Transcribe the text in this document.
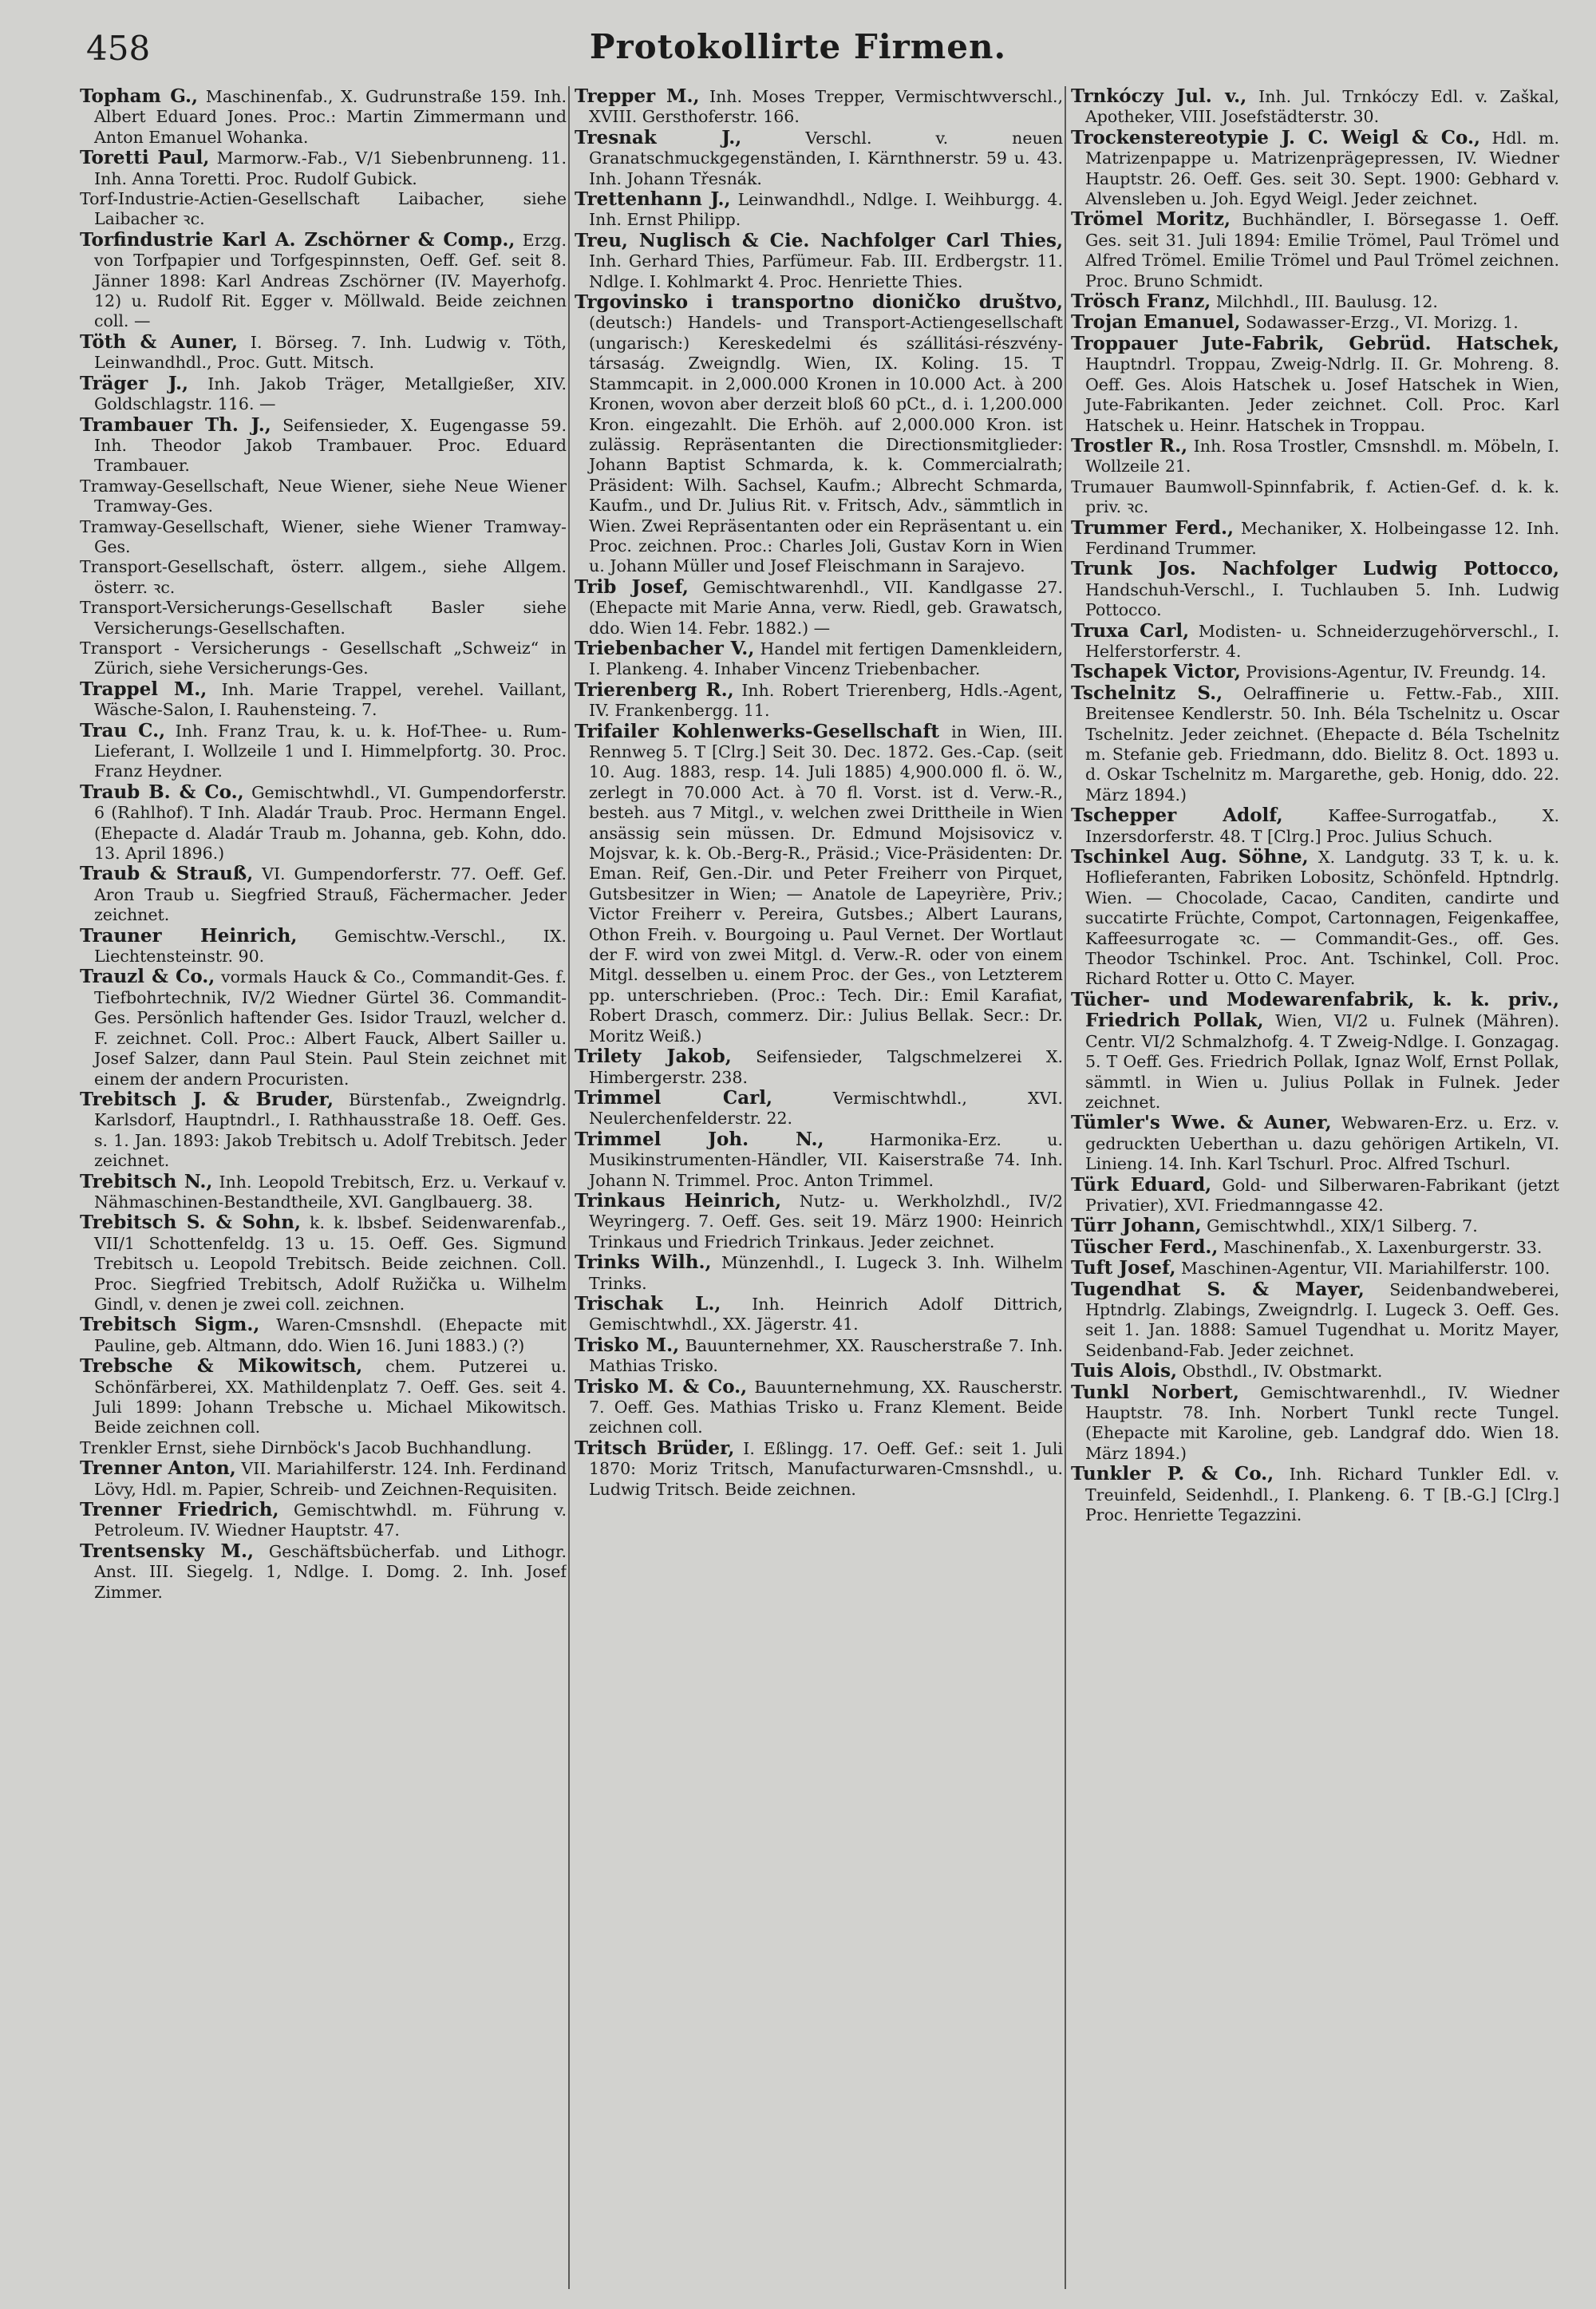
458	Protokollirte Firmen.

Topham G., Maschinenfab., X. Gudrunstraße 159. Inh. Albert Eduard Jones. Proc.: Martin Zimmermann und Anton Emanuel Wohanka.

Toretti Paul, Marmorw.-Fab., V/1 Siebenbrunneng. 11. Inh. Anna Toretti. Proc. Rudolf Gubick.

Torf-Industrie-Actien-Gesellschaft Laibacher, siehe Laibacher ꝛc.

Torfindustrie Karl A. Zschörner & Comp., Erzg. von Torfpapier und Torfgespinnsten, Oeff. Gef. seit 8. Jänner 1898: Karl Andreas Zschörner (IV. Mayerhofg. 12) u. Rudolf Rit. Egger v. Möllwald. Beide zeichnen coll. —

Töth & Auner, I. Börseg. 7. Inh. Ludwig v. Töth, Leinwandhdl., Proc. Gutt. Mitsch.

Träger J., Inh. Jakob Träger, Metallgießer, XIV. Goldschlagstr. 116. —

Trambauer Th. J., Seifensieder, X. Eugengasse 59. Inh. Theodor Jakob Trambauer. Proc. Eduard Trambauer.

Tramway-Gesellschaft, Neue Wiener, siehe Neue Wiener Tramway-Ges.

Tramway-Gesellschaft, Wiener, siehe Wiener Tramway-Ges.

Transport-Gesellschaft, österr. allgem., siehe Allgem. österr. ꝛc.

Transport-Versicherungs-Gesellschaft Basler siehe Versicherungs-Gesellschaften.

Transport - Versicherungs - Gesellschaft „Schweiz“ in Zürich, siehe Versicherungs-Ges.

Trappel M., Inh. Marie Trappel, verehel. Vaillant, Wäsche-Salon, I. Rauhensteing. 7.

Trau C., Inh. Franz Trau, k. u. k. Hof-Thee- u. Rum-Lieferant, I. Wollzeile 1 und I. Himmelpfortg. 30. Proc. Franz Heydner.

Traub B. & Co., Gemischtwhdl., VI. Gumpendorferstr. 6 (Rahlhof). T Inh. Aladár Traub. Proc. Hermann Engel. (Ehepacte d. Aladár Traub m. Johanna, geb. Kohn, ddo. 13. April 1896.)

Traub & Strauß, VI. Gumpendorferstr. 77. Oeff. Gef. Aron Traub u. Siegfried Strauß, Fächermacher. Jeder zeichnet.

Trauner Heinrich, Gemischtw.-Verschl., IX. Liechtensteinstr. 90.

Trauzl & Co., vormals Hauck & Co., Commandit-Ges. f. Tiefbohrtechnik, IV/2 Wiedner Gürtel 36. Commandit-Ges. Persönlich haftender Ges. Isidor Trauzl, welcher d. F. zeichnet. Coll. Proc.: Albert Fauck, Albert Sailler u. Josef Salzer, dann Paul Stein. Paul Stein zeichnet mit einem der andern Procuristen.

Trebitsch J. & Bruder, Bürstenfab., Zweigndrlg. Karlsdorf, Hauptndrl., I. Rathhausstraße 18. Oeff. Ges. s. 1. Jan. 1893: Jakob Trebitsch u. Adolf Trebitsch. Jeder zeichnet.

Trebitsch N., Inh. Leopold Trebitsch, Erz. u. Verkauf v. Nähmaschinen-Bestandtheile, XVI. Ganglbauerg. 38.

Trebitsch S. & Sohn, k. k. lbsbef. Seidenwarenfab., VII/1 Schottenfeldg. 13 u. 15. Oeff. Ges. Sigmund Trebitsch u. Leopold Trebitsch. Beide zeichnen. Coll. Proc. Siegfried Trebitsch, Adolf Ružička u. Wilhelm Gindl, v. denen je zwei coll. zeichnen.

Trebitsch Sigm., Waren-Cmsnshdl. (Ehepacte mit Pauline, geb. Altmann, ddo. Wien 16. Juni 1883.) (?)

Trebsche & Mikowitsch, chem. Putzerei u. Schönfärberei, XX. Mathildenplatz 7. Oeff. Ges. seit 4. Juli 1899: Johann Trebsche u. Michael Mikowitsch. Beide zeichnen coll.

Trenkler Ernst, siehe Dirnböck's Jacob Buchhandlung.

Trenner Anton, VII. Mariahilferstr. 124. Inh. Ferdinand Lövy, Hdl. m. Papier, Schreib- und Zeichnen-Requisiten.

Trenner Friedrich, Gemischtwhdl. m. Führung v. Petroleum. IV. Wiedner Hauptstr. 47.

Trentsensky M., Geschäftsbücherfab. und Lithogr. Anst. III. Siegelg. 1, Ndlge. I. Domg. 2. Inh. Josef Zimmer.

Trepper M., Inh. Moses Trepper, Vermischtwverschl., XVIII. Gersthoferstr. 166.

Tresnak J.,	Verschl. v. neuen Granatschmuckgegenständen, I. Kärnthnerstr. 59 u. 43. Inh. Johann Třesnák.

Trettenhann J., Leinwandhdl., Ndlge. I. Weihburgg. 4. Inh. Ernst Philipp.

Treu, Nuglisch & Cie. Nachfolger Carl Thies, Inh. Gerhard Thies, Parfümeur. Fab. III. Erdbergstr. 11. Ndlge. I. Kohlmarkt 4. Proc. Henriette Thies.

Trgovinsko i transportno dioničko društvo, (deutsch:) Handels- und Transport-Actiengesellschaft (ungarisch:) Kereskedelmi és szállitási-részvény-társaság. Zweigndlg. Wien, IX. Koling. 15. T Stammcapit. in 2,000.000 Kronen in 10.000 Act. à 200 Kronen, wovon aber derzeit bloß 60 pCt., d. i. 1,200.000 Kron. eingezahlt. Die Erhöh. auf 2,000.000 Kron. ist zulässig. Repräsentanten die Directionsmitglieder: Johann Baptist Schmarda, k. k. Commercialrath; Präsident: Wilh. Sachsel, Kaufm.; Albrecht Schmarda, Kaufm., und Dr. Julius Rit. v. Fritsch, Adv., sämmtlich in Wien. Zwei Repräsentanten oder ein Repräsentant u. ein Proc. zeichnen. Proc.: Charles Joli, Gustav Korn in Wien u. Johann Müller und Josef Fleischmann in Sarajevo.

Trib Josef, Gemischtwarenhdl., VII. Kandlgasse 27. (Ehepacte mit Marie Anna, verw. Riedl, geb. Grawatsch, ddo. Wien 14. Febr. 1882.) —

Triebenbacher V., Handel mit fertigen Damenkleidern, I. Plankeng. 4. Inhaber Vincenz Triebenbacher.

Trierenberg R., Inh. Robert Trierenberg, Hdls.-Agent, IV. Frankenbergg. 11.

Trifailer Kohlenwerks-Gesellschaft in Wien, III. Rennweg 5. T [Clrg.] Seit 30. Dec. 1872. Ges.-Cap. (seit 10. Aug. 1883, resp. 14. Juli 1885) 4,900.000 fl. ö. W., zerlegt in 70.000 Act. à 70 fl. Vorst. ist d. Verw.-R., besteh. aus 7 Mitgl., v. welchen zwei Drittheile in Wien ansässig sein müssen. Dr. Edmund Mojsisovicz v. Mojsvar, k. k. Ob.-Berg-R., Präsid.; Vice-Präsidenten: Dr. Eman. Reif, Gen.-Dir. und Peter Freiherr von Pirquet, Gutsbesitzer in Wien; — Anatole de Lapeyrière, Priv.; Victor Freiherr v. Pereira, Gutsbes.; Albert Laurans, Othon Freih. v. Bourgoing u. Paul Vernet. Der Wortlaut der F. wird von zwei Mitgl. d. Verw.-R. oder von einem Mitgl. desselben u. einem Proc. der Ges., von Letzterem pp. unterschrieben. (Proc.: Tech. Dir.: Emil Karafiat, Robert Drasch, commerz. Dir.: Julius Bellak. Secr.: Dr. Moritz Weiß.)

Trilety Jakob, Seifensieder, Talgschmelzerei X. Himbergerstr. 238.

Trimmel Carl,	Vermischtwhdl., XVI. Neulerchenfelderstr. 22.

Trimmel Joh. N.,	Harmonika-Erz. u. Musikinstrumenten-Händler, VII. Kaiserstraße 74. Inh. Johann N. Trimmel. Proc. Anton Trimmel.

Trinkaus Heinrich, Nutz- u. Werkholzhdl., IV/2 Weyringerg. 7. Oeff. Ges. seit 19. März 1900: Heinrich Trinkaus und Friedrich Trinkaus. Jeder zeichnet.

Trinks Wilh., Münzenhdl., I. Lugeck 3. Inh. Wilhelm Trinks.

Trischak L., Inh. Heinrich Adolf Dittrich, Gemischtwhdl., XX. Jägerstr. 41.

Trisko M., Bauunternehmer, XX. Rauscherstraße 7. Inh. Mathias Trisko.

Trisko M. & Co., Bauunternehmung, XX. Rauscherstr. 7. Oeff. Ges. Mathias Trisko u. Franz Klement. Beide zeichnen coll.

Tritsch Brüder, I. Eßlingg. 17. Oeff. Gef.: seit 1. Juli 1870: Moriz Tritsch, Manufacturwaren-Cmsnshdl., u. Ludwig Tritsch. Beide zeichnen.

Trnkóczy Jul. v., Inh. Jul. Trnkóczy Edl. v. Zaškal, Apotheker, VIII. Josefstädterstr. 30.

Trockenstereotypie J. C. Weigl & Co., Hdl. m. Matrizenpappe u. Matrizenprägepressen, IV. Wiedner Hauptstr. 26. Oeff. Ges. seit 30. Sept. 1900: Gebhard v. Alvensleben u. Joh. Egyd Weigl. Jeder zeichnet.

Trömel Moritz, Buchhändler, I. Börsegasse 1. Oeff. Ges. seit 31. Juli 1894: Emilie Trömel, Paul Trömel und Alfred Trömel. Emilie Trömel und Paul Trömel zeichnen. Proc. Bruno Schmidt.

Trösch Franz, Milchhdl., III. Baulusg. 12.

Trojan Emanuel, Sodawasser-Erzg., VI. Morizg. 1.

Troppauer Jute-Fabrik, Gebrüd. Hatschek, Hauptndrl. Troppau, Zweig-Ndrlg. II. Gr. Mohreng. 8. Oeff. Ges. Alois Hatschek u. Josef Hatschek in Wien, Jute-Fabrikanten. Jeder zeichnet. Coll. Proc. Karl Hatschek u. Heinr. Hatschek in Troppau.

Trostler R., Inh. Rosa Trostler, Cmsnshdl. m. Möbeln, I. Wollzeile 21.

Trumauer Baumwoll-Spinnfabrik, f. Actien-Gef. d. k. k. priv. ꝛc.

Trummer Ferd., Mechaniker, X. Holbeingasse 12. Inh. Ferdinand Trummer.

Trunk Jos. Nachfolger Ludwig Pottocco, Handschuh-Verschl., I. Tuchlauben 5. Inh. Ludwig Pottocco.

Truxa Carl, Modisten- u. Schneiderzugehörverschl., I. Helferstorferstr. 4.

Tschapek Victor, Provisions-Agentur, IV. Freundg. 14.

Tschelnitz S., Oelraffinerie u. Fettw.-Fab., XIII. Breitensee Kendlerstr. 50. Inh. Béla Tschelnitz u. Oscar Tschelnitz. Jeder zeichnet. (Ehepacte d. Béla Tschelnitz m. Stefanie geb. Friedmann, ddo. Bielitz 8. Oct. 1893 u. d. Oskar Tschelnitz m. Margarethe, geb. Honig, ddo. 22. März 1894.)

Tschepper Adolf,	Kaffee-Surrogatfab., X. Inzersdorferstr. 48. T [Clrg.] Proc. Julius Schuch.

Tschinkel Aug. Söhne, X. Landgutg. 33 T, k. u. k. Hoflieferanten, Fabriken Lobositz, Schönfeld. Hptndrlg. Wien. — Chocolade, Cacao, Canditen, candirte und succatirte Früchte, Compot, Cartonnagen, Feigenkaffee, Kaffeesurrogate ꝛc. — Commandit-Ges., off. Ges. Theodor Tschinkel. Proc. Ant. Tschinkel, Coll. Proc. Richard Rotter u. Otto C. Mayer.

Tücher- und Modewarenfabrik, k. k. priv., Friedrich Pollak, Wien, VI/2 u. Fulnek (Mähren). Centr. VI/2 Schmalzhofg. 4. T Zweig-Ndlge. I. Gonzagag. 5. T Oeff. Ges. Friedrich Pollak, Ignaz Wolf, Ernst Pollak, sämmtl. in Wien u. Julius Pollak in Fulnek. Jeder zeichnet.

Tümler's Wwe. & Auner, Webwaren-Erz. u. Erz. v. gedruckten Ueberthan u. dazu gehörigen Artikeln, VI. Linieng. 14. Inh. Karl Tschurl. Proc. Alfred Tschurl.

Türk Eduard, Gold- und Silberwaren-Fabrikant (jetzt Privatier), XVI. Friedmanngasse 42.

Türr Johann, Gemischtwhdl., XIX/1 Silberg. 7.

Tüscher Ferd., Maschinenfab., X. Laxenburgerstr. 33.

Tuft Josef, Maschinen-Agentur, VII. Mariahilferstr. 100.

Tugendhat S. & Mayer, Seidenbandweberei, Hptndrlg. Zlabings, Zweigndrlg. I. Lugeck 3. Oeff. Ges. seit 1. Jan. 1888: Samuel Tugendhat u. Moritz Mayer, Seidenband-Fab. Jeder zeichnet.

Tuis Alois, Obsthdl., IV. Obstmarkt.

Tunkl Norbert, Gemischtwarenhdl., IV. Wiedner Hauptstr. 78. Inh. Norbert Tunkl recte Tungel. (Ehepacte mit Karoline, geb. Landgraf ddo. Wien 18. März 1894.)

Tunkler P. & Co., Inh. Richard Tunkler Edl. v. Treuinfeld, Seidenhdl., I. Plankeng. 6. T [B.-G.] [Clrg.] Proc. Henriette Tegazzini.
